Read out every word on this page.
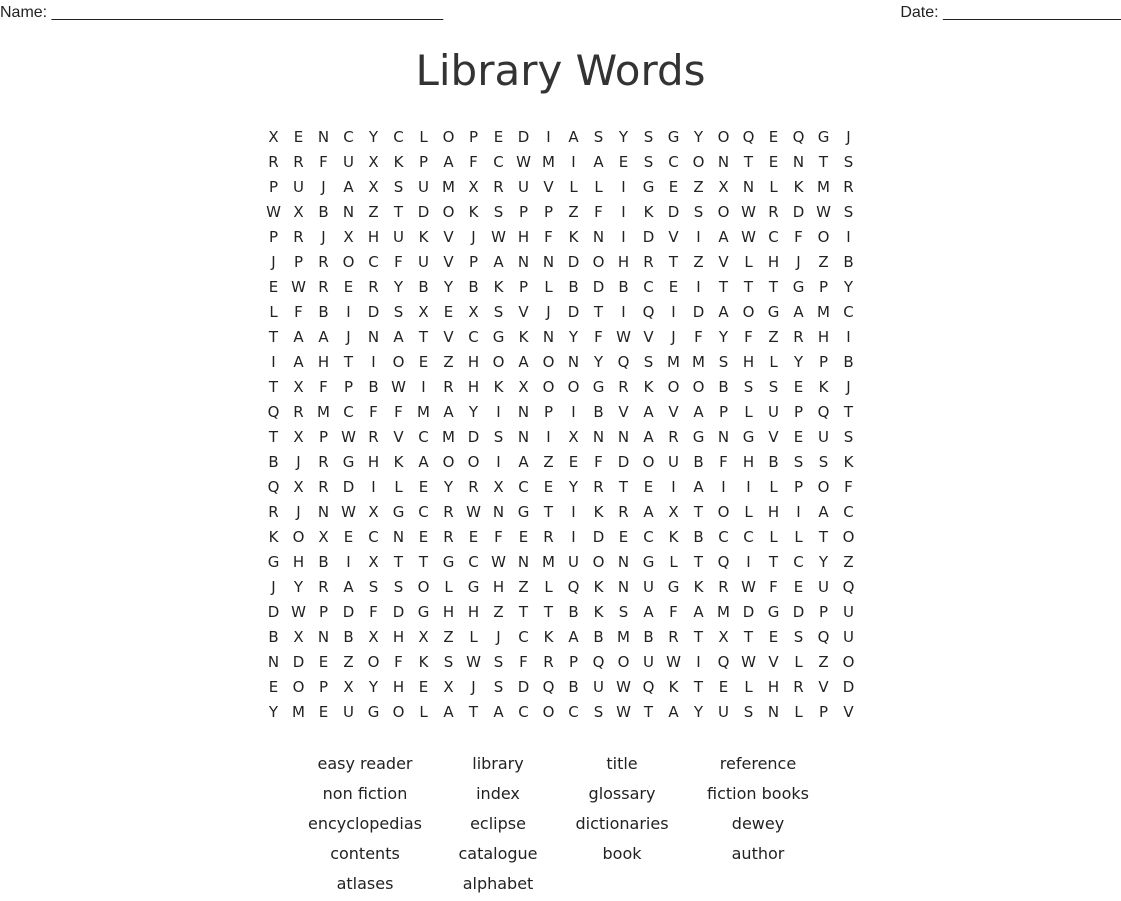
Name: ____________________________________________	Date: ____________________
Library Words
X	E N C	Y	C	L O P	E D	I	A	S	Y	S G Y O Q E Q G	J
R R	F	U X K	P	A	F	C W M	I	A	E	S C O N T	E N T	S
P U	J	A X	S U M X R U V	L	L	I	G E	Z X N	L	K M R
W X B N Z	T D O K	S	P	P	Z	F	I	K D S O W R D W S
P	R	J	X H U K V	J	W H	F	K N	I	D V	I	A W C	F O	I
J	P	R O C	F	U V	P	A N N D O H R	T	Z V	L	H	J	Z B
E W R	E	R	Y	B	Y	B K	P	L	B D B C	E	I	T	T	T G P	Y
L	F	B	I	D S	X	E	X	S	V	J	D T	I	Q	I	D A O G A M C
T	A A	J	N A	T	V C G K N Y	F W V	J	F	Y	F	Z R H	I
I	A H T	I	O E	Z H O A O N Y Q S M M S H	L	Y	P	B
T	X	F	P	B W	I	R H K X O O G R K O O B	S	S	E	K	J
Q R M C	F	F M A	Y	I	N P	I	B V A V A	P	L	U P Q T
T	X	P W R V C M D S N	I	X N N A R G N G V	E U S
B	J	R G H K A O O	I	A Z	E	F D O U B	F	H B	S	S	K
Q X R D	I	L	E	Y	R X C	E	Y	R	T	E	I	A	I	I	L	P O F
R	J	N W X G C R W N G T	I	K R A X	T O L	H	I	A C
K O X	E	C N E	R	E	F	E	R	I	D E	C K B C C	L	L	T O
G H B	I	X	T	T G C W N M U O N G	L	T Q	I	T	C	Y	Z
J	Y	R A	S	S O L	G H Z	L Q K N U G K R W F	E U Q
D W P D F D G H H Z	T	T	B K	S	A	F	A M D G D P U
B X N B X H X Z	L	J	C K A B M B R	T	X	T	E	S Q U
N D E	Z O F	K	S W S	F	R	P Q O U W	I	Q W V	L	Z O
E O P	X	Y H E	X	J	S D Q B U W Q K	T	E	L	H R V D
Y M E U G O L	A	T	A C O C	S W T	A	Y U S N	L	P	V
easy reader	library	title	reference
non fiction	index	glossary	fiction books
encyclopedias	eclipse	dictionaries	dewey
contents	catalogue	book	author
atlases	alphabet
